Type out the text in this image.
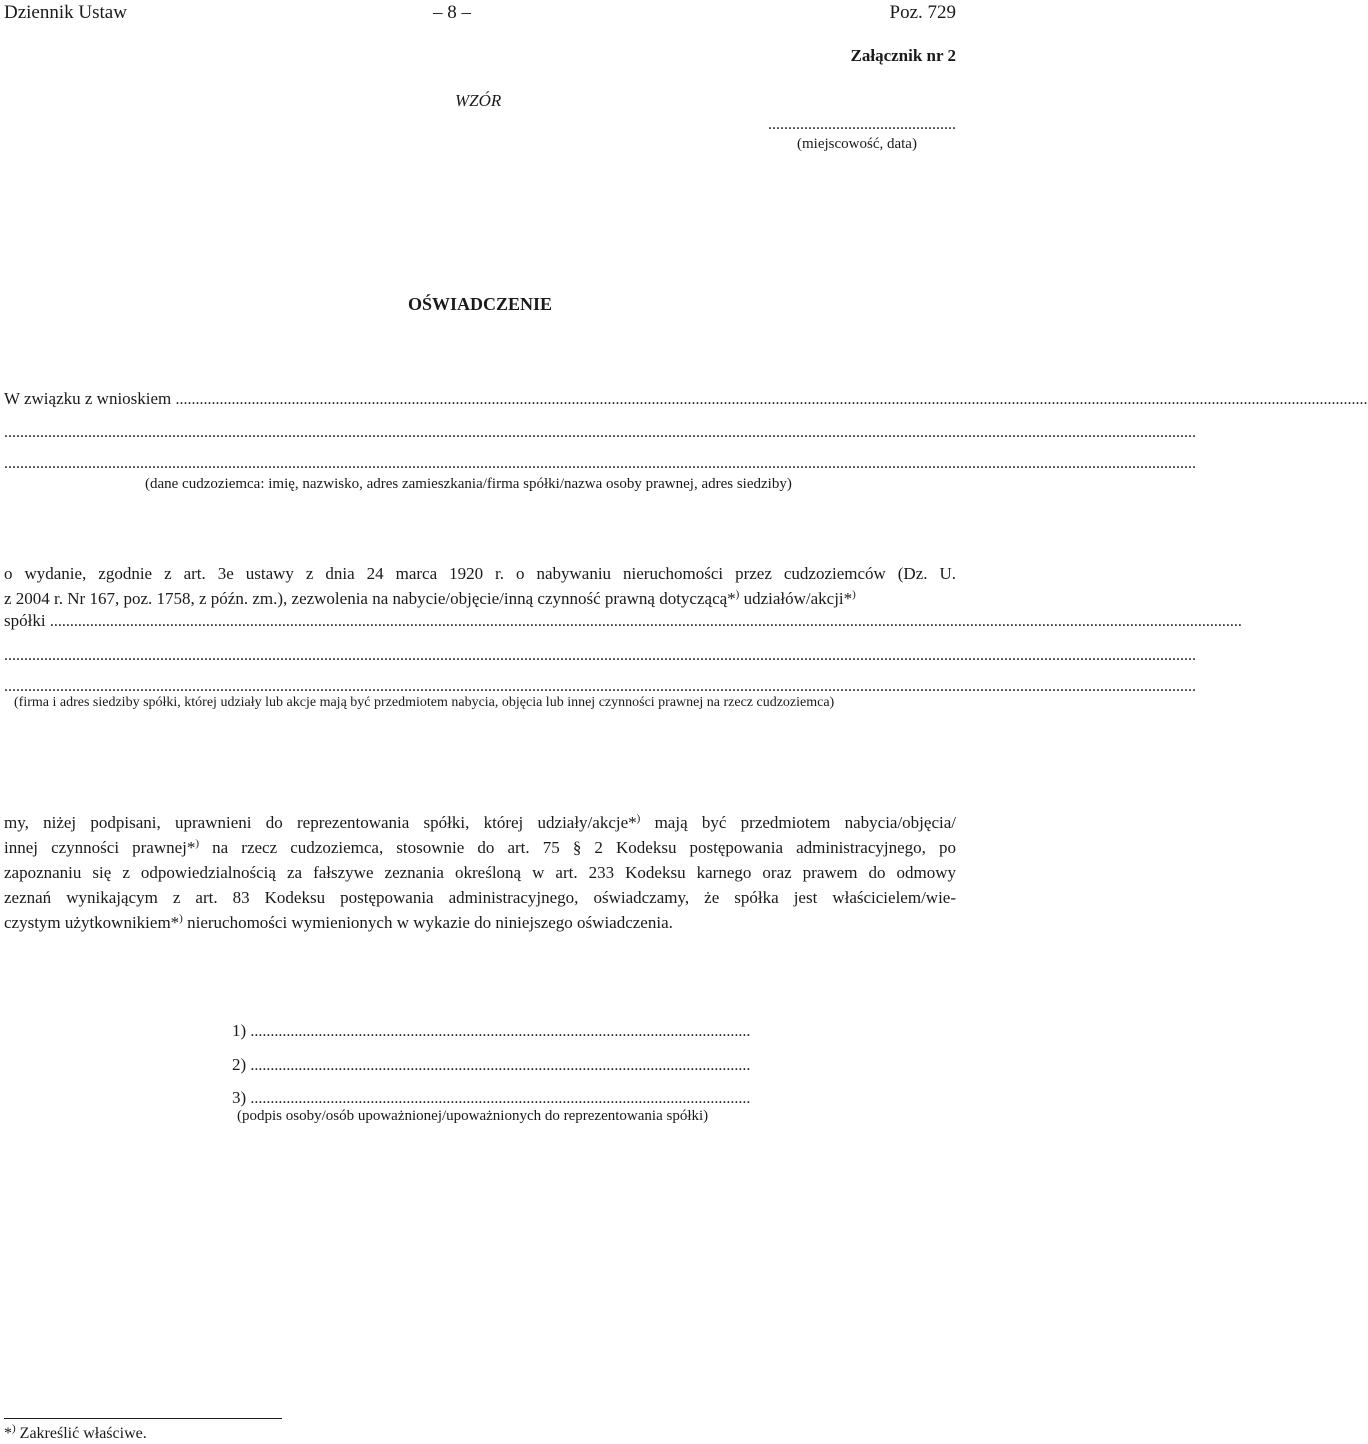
Dziennik Ustaw	– 8 –	Poz. 729
Załącznik nr 2
WZÓR
...............................................
(miejscowość, data)
OŚWIADCZENIE
W związku z wnioskiem ..........................................................................................................................................................................................................................................................................................................
..........................................................................................................................................................................................................................................................................................................
..........................................................................................................................................................................................................................................................................................................
(dane cudzoziemca: imię, nazwisko, adres zamieszkania/firma spółki/nazwa osoby prawnej, adres siedziby)
o wydanie, zgodnie z art. 3e ustawy z dnia 24 marca 1920 r. o nabywaniu nieruchomości przez cudzoziemców (Dz. U.
z 2004 r. Nr 167, poz. 1758, z późn. zm.), zezwolenia na nabycie/objęcie/inną czynność prawną dotyczącą*) udziałów/akcji*)
spółki ..........................................................................................................................................................................................................................................................................................................
..........................................................................................................................................................................................................................................................................................................
..........................................................................................................................................................................................................................................................................................................
(firma i adres siedziby spółki, której udziały lub akcje mają być przedmiotem nabycia, objęcia lub innej czynności prawnej na rzecz cudzoziemca)
my, niżej podpisani, uprawnieni do reprezentowania spółki, której udziały/akcje*) mają być przedmiotem nabycia/objęcia/
innej czynności prawnej*) na rzecz cudzoziemca, stosownie do art. 75 § 2 Kodeksu postępowania administracyjnego, po
zapoznaniu się z odpowiedzialnością za fałszywe zeznania określoną w art. 233 Kodeksu karnego oraz prawem do odmowy
zeznań wynikającym z art. 83 Kodeksu postępowania administracyjnego, oświadczamy, że spółka jest właścicielem/wie-
czystym użytkownikiem*) nieruchomości wymienionych w wykazie do niniejszego oświadczenia.
1) .............................................................................................................................
2) .............................................................................................................................
3) .............................................................................................................................
(podpis osoby/osób upoważnionej/upoważnionych do reprezentowania spółki)
*) Zakreślić właściwe.
